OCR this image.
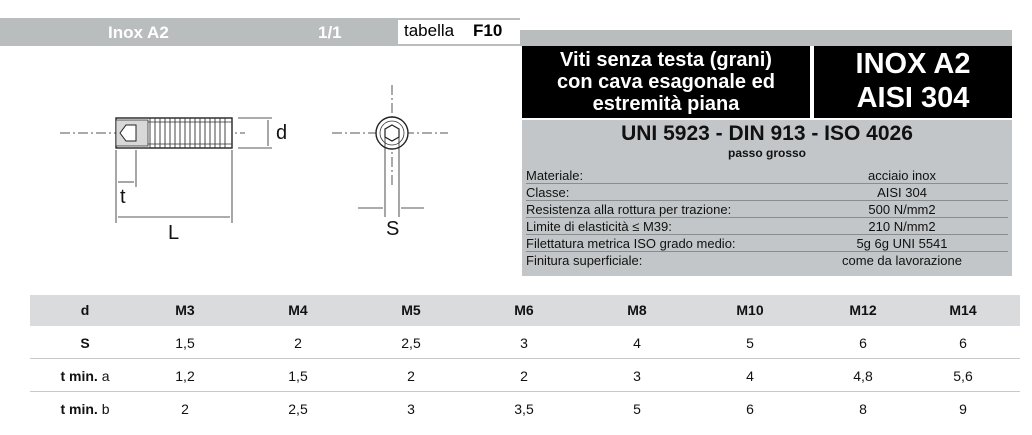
Inox A2	1/1	tabella F10
Viti senza testa (grani)
con cava esagonale ed
estremità piana
INOX A2
AISI 304
UNI 5923 - DIN 913 - ISO 4026
passo grosso
Materiale:	acciaio inox
Classe:	AISI 304
Resistenza alla rottura per trazione:	500 N/mm2
Limite di elasticità ≤ M39:	210 N/mm2
Filettatura metrica ISO grado medio:	5g 6g UNI 5541
Finitura superficiale:	come da lavorazione
d
t
L	S
d	M3	M4	M5	M6	M8	M10	M12	M14
S	1,5	2	2,5	3	4	5	6	6
t min. a	1,2	1,5	2	2	3	4	4,8	5,6
t min. b	2	2,5	3	3,5	5	6	8	9
